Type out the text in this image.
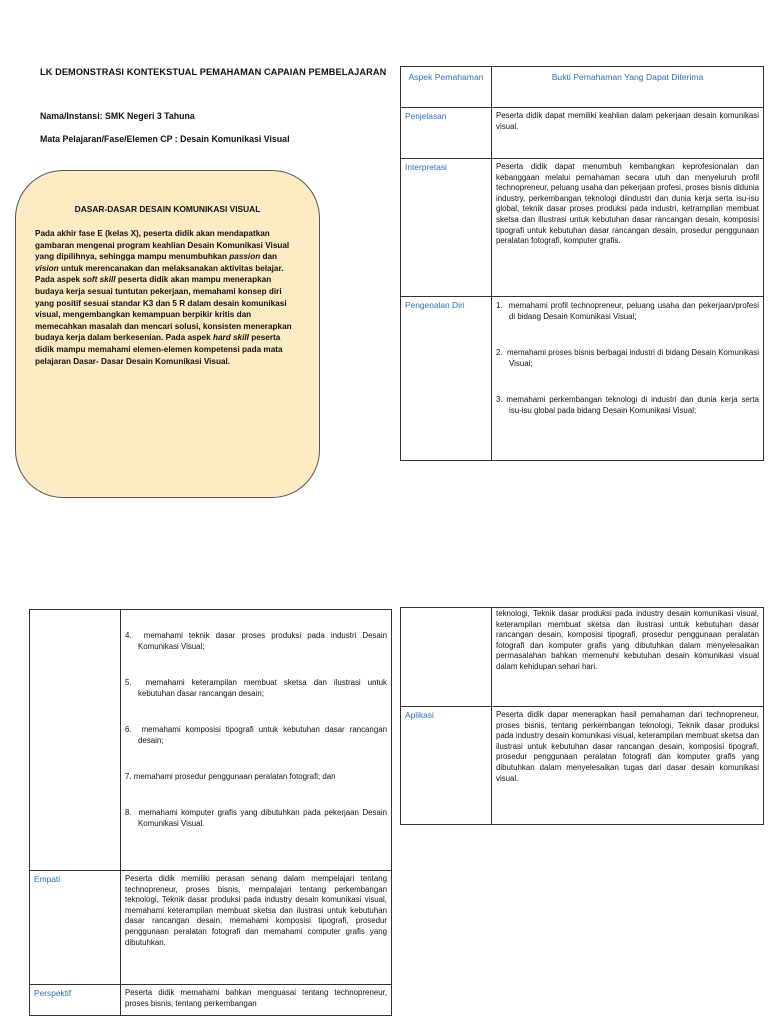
LK DEMONSTRASI KONTEKSTUAL PEMAHAMAN CAPAIAN PEMBELAJARAN
Nama/Instansi: SMK Negeri 3 Tahuna
Mata Pelajaran/Fase/Elemen CP : Desain Komunikasi Visual
DASAR-DASAR DESAIN KOMUNIKASI VISUAL
Pada akhir fase E (kelas X), peserta didik akan mendapatkan gambaran mengenai program keahlian Desain Komunikasi Visual yang dipilihnya, sehingga mampu menumbuhkan passion dan vision untuk merencanakan dan melaksanakan aktivitas belajar. Pada aspek soft skill peserta didik akan mampu menerapkan budaya kerja sesuai tuntutan pekerjaan, memahami konsep diri yang positif sesuai standar K3 dan 5 R dalam desain komunikasi visual, mengembangkan kemampuan berpikir kritis dan memecahkan masalah dan mencari solusi, konsisten menerapkan budaya kerja dalam berkesenian. Pada aspek hard skill peserta didik mampu memahami elemen-elemen kompetensi pada mata pelajaran Dasar- Dasar Desain Komunikasi Visual.
Aspek Pemahaman	Bukti Pemahaman Yang Dapat Diterima
Penjelasan	Peserta didik dapat memiliki keahlian dalam pekerjaan desain komunikasi visual.
Interpretasi	Peserta didik dapat menumbuh kembangkan keprofesionalan dan kebanggaan melalui pemahaman secara utuh dan menyeluruh profil technopreneur, peluang usaha dan pekerjaan profesi, proses bisnis didunia industry, perkembangan teknologi diindustri dan dunia kerja serta isu-isu global, teknik dasar proses produksi pada industri, ketrampilan membuat sketsa dan illustrasi untuk kebutuhan dasar rancangan desain, komposisi tipografi untuk kebutuhan dasar rancangan desain, prosedur penggunaan peralatan fotografi, komputer grafis.
Pengenalan Diri	1.  memahami profil technopreneur, peluang usaha dan pekerjaan/profesi di bidang Desain Komunikasi Visual;
2.  memahami proses bisnis berbagai industri di bidang Desain Komunikasi Visual;
3. memahami perkembangan teknologi di industri dan dunia kerja serta isu-isu global pada bidang Desain Komunikasi Visual;

	4.  memahami teknik dasar proses produksi pada industri Desain Komunikasi Visual;
5.  memahami keterampilan membuat sketsa dan ilustrasi untuk kebutuhan dasar rancangan desain;
6.  memahami komposisi tipografi untuk kebutuhan dasar rancangan desain;
7. memahami prosedur penggunaan peralatan fotografi; dan
8.  memahami komputer grafis yang dibutuhkan pada pekerjaan Desain Komunikasi Visual.

Empati	Peserta didik memiliki perasan senang dalam mempelajari tentang technopreneur, proses bisnis, mempalajari tentang perkembangan teknologi, Teknik dasar produksi pada industry desain komunikasi visual, memahami keterampilan membuat sketsa dan ilustrasi untuk kebutuhan dasar rancangan desain, memahami komposisi tipografi, prosedur penggunaan peralatan fotografi dan memahami computer grafis yang dibutuhkan.
Perspektif	Peserta didik memahami bahkan menguasai tentang technopreneur, proses bisnis, tentang perkembangan
	teknologi, Teknik dasar produksi pada industry desain komunikasi visual, keterampilan membuat sketsa dan ilustrasi untuk kebutuhan dasar rancangan desain, komposisi tipografi, prosedur penggunaan peralatan fotografi dan komputer grafis yang dibutuhkan dalam menyelesaikan permasalahan bahkan memenuhi kebutuhan desain komunikasi visual dalam kehidupan sehari hari.
Aplikasi	Peserta didik dapar menerapkan hasil pemahaman dari technopreneur, proses bisnis, tentang perkembangan teknologi, Teknik dasar produksi pada industry desain komunikasi visual, keterampilan membuat sketsa dan ilustrasi untuk kebutuhan dasar rancangan desain, komposisi tipografi, prosedur penggunaan peralatan fotografi dan komputer grafis yang dibutuhkan dalam menyelesaikan tugas dari dasar desain komunikasi visual.
